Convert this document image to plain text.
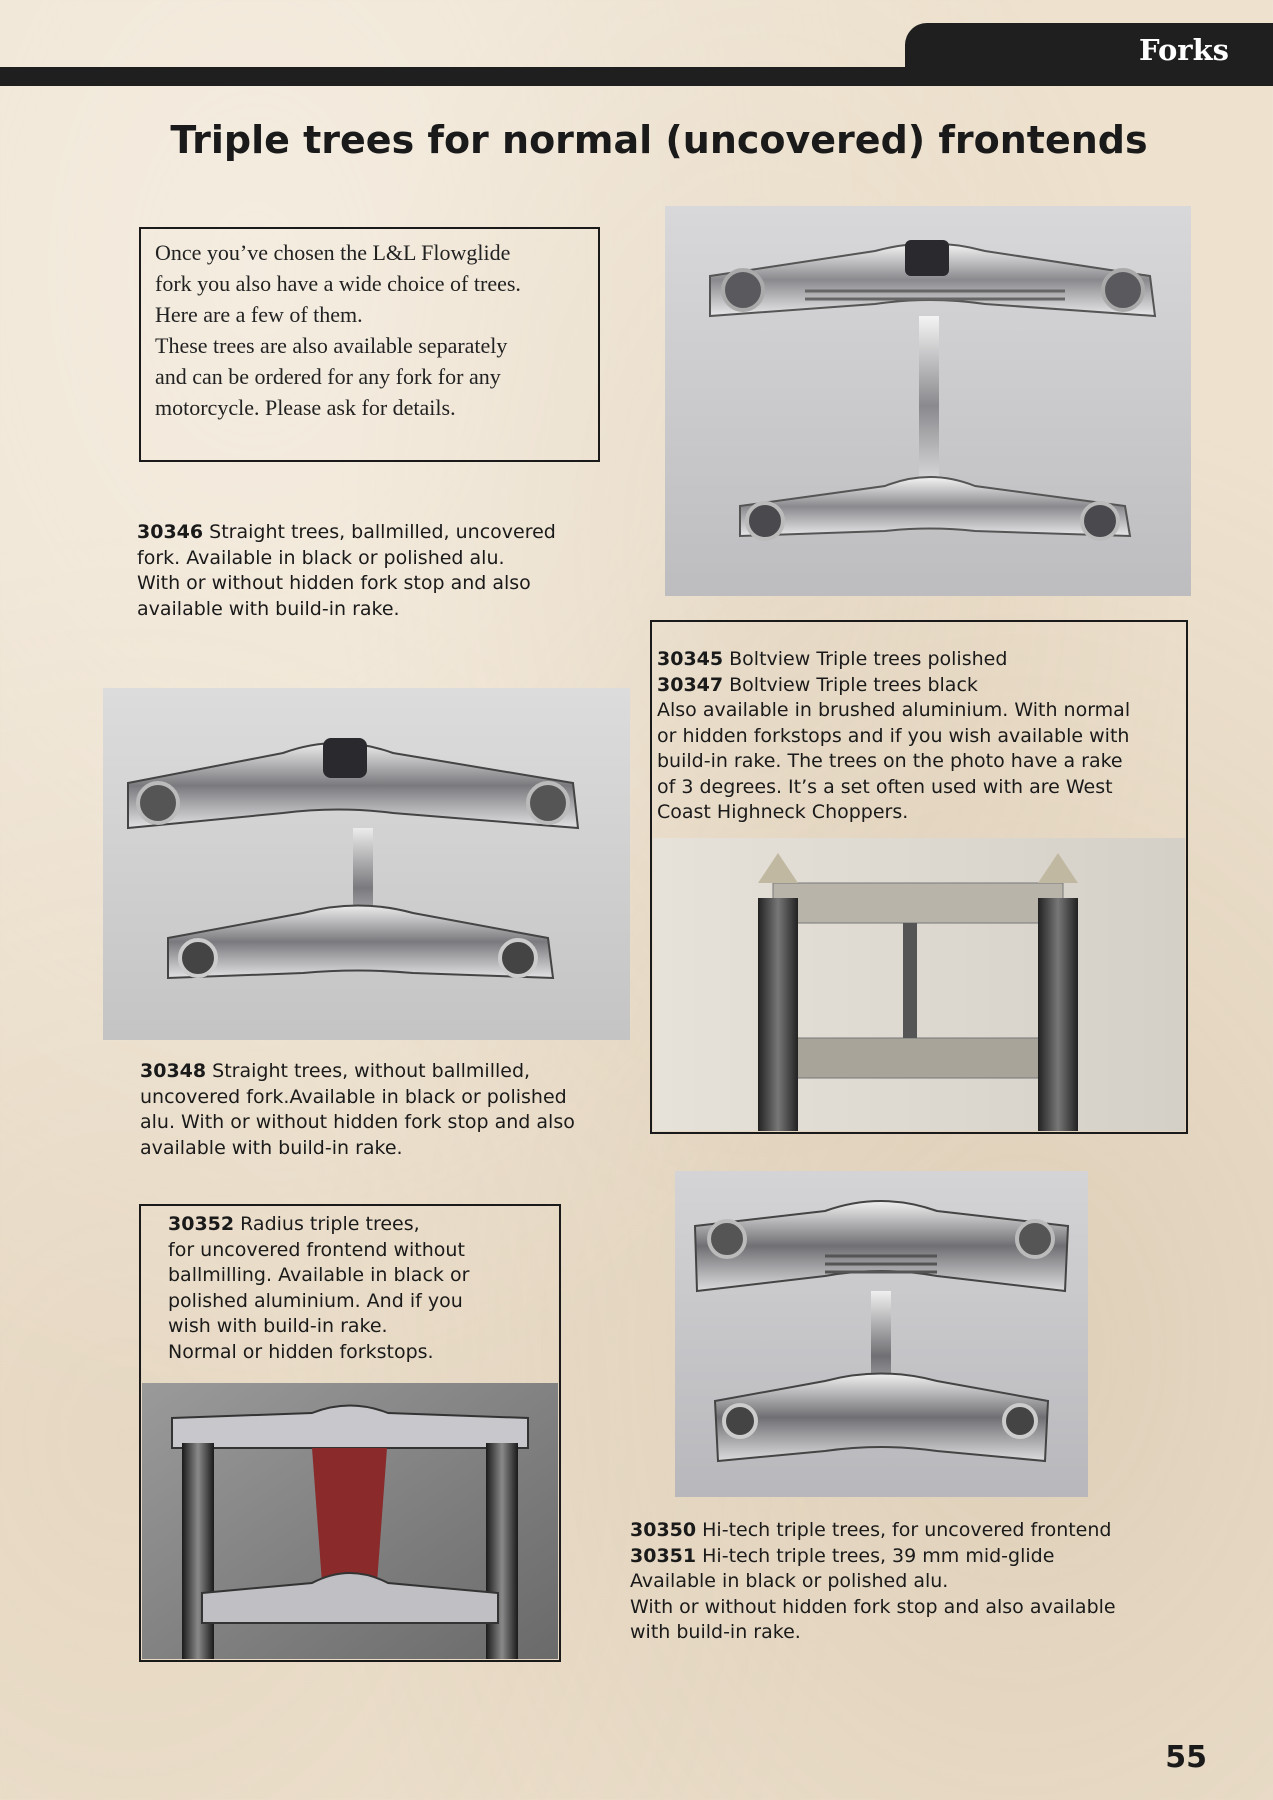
Forks
Triple trees for normal (uncovered) frontends

Once you’ve chosen the L&L Flowglide

fork you also have a wide choice of trees.

Here are a few of them.

These trees are also available separately

and can be ordered for any fork for any

motorcycle. Please ask for details.

30346 Straight trees, ballmilled, uncovered
fork. Available in black or polished alu.
With or without hidden fork stop and also
available with build-in rake.
30345 Boltview Triple trees polished
30347 Boltview Triple trees black
Also available in brushed aluminium. With normal
or hidden forkstops and if you wish available with
build-in rake. The trees on the photo have a rake
of 3 degrees. It’s a set often used with are West
Coast Highneck Choppers.
30348 Straight trees, without ballmilled,
uncovered fork.Available in black or polished
alu. With or without hidden fork stop and also
available with build-in rake.
30352 Radius triple trees,
for uncovered frontend without
ballmilling. Available in black or
polished aluminium. And if you
wish with build-in rake.
Normal or hidden forkstops.
30350 Hi-tech triple trees, for uncovered frontend
30351 Hi-tech triple trees, 39 mm mid-glide
Available in black or polished alu.
With or without hidden fork stop and also available
with build-in rake.
55
